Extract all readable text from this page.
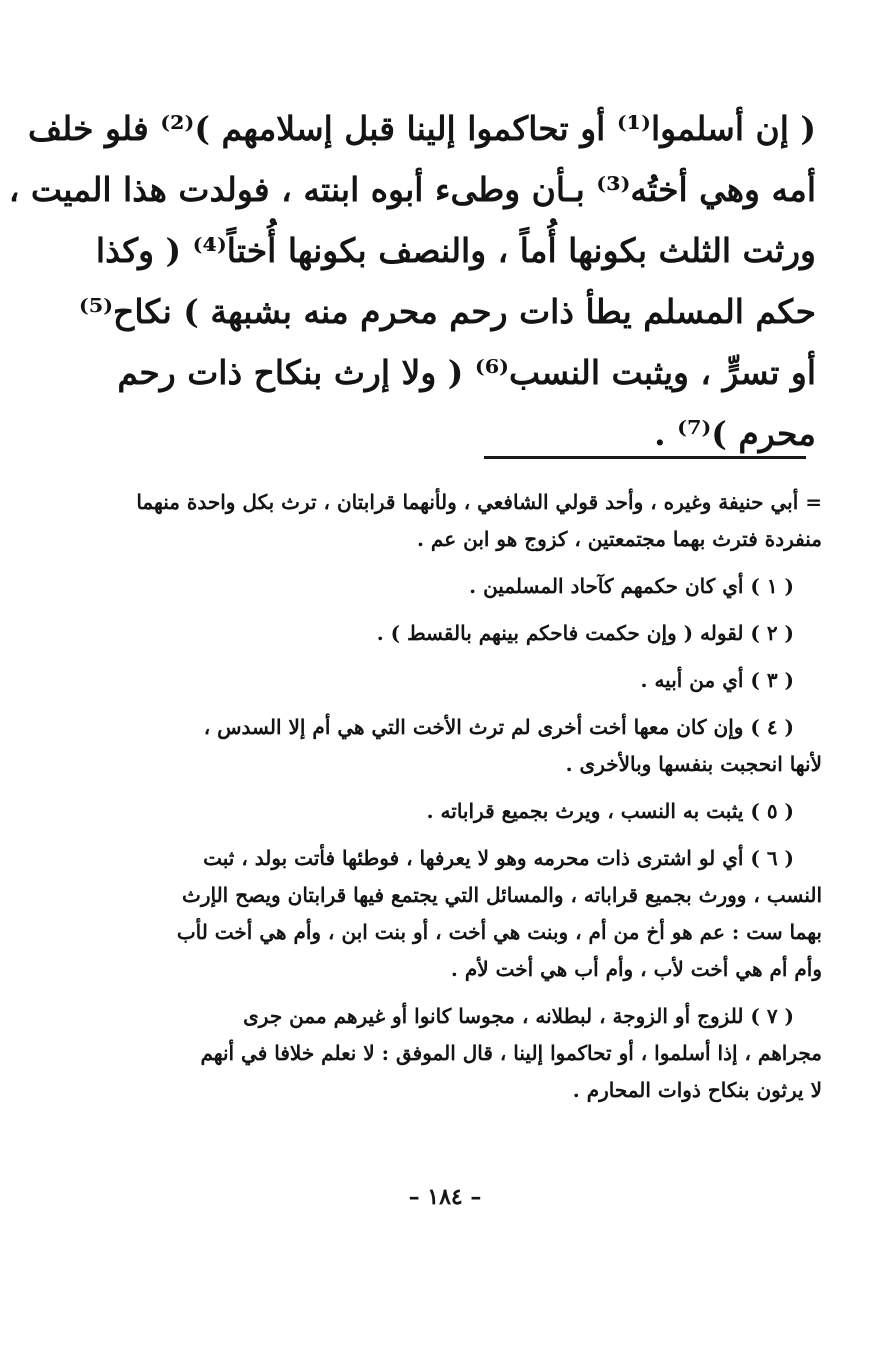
( إن أسلموا⁽¹⁾ أو تحاكموا إلينا قبل إسلامهم )⁽²⁾ فلو خلف
أمه وهي أختُه⁽³⁾ بـأن وطىء أبوه ابنته ، فولدت هذا الميت ،
ورثت الثلث بكونها أُماً ، والنصف بكونها أُختاً⁽⁴⁾ ( وكذا
حكم المسلم يطأ ذات رحم محرم منه بشبهة ) نكاح⁽⁵⁾
أو تسرٍّ ، ويثبت النسب⁽⁶⁾ ( ولا إرث بنكاح ذات رحم
محرم )⁽⁷⁾ .
= أبي حنيفة وغيره ، وأحد قولي الشافعي ، ولأنهما قرابتان ، ترث بكل واحدة منهما
منفردة فترث بهما مجتمعتين ، كزوج هو ابن عم .
( ١ ) أي كان حكمهم كآحاد المسلمين .
( ٢ ) لقوله ( وإن حكمت فاحكم بينهم بالقسط ) .
( ٣ ) أي من أبيه .
( ٤ ) وإن كان معها أخت أخرى لم ترث الأخت التي هي أم إلا السدس ،
لأنها انحجبت بنفسها وبالأخرى .
( ٥ ) يثبت به النسب ، ويرث بجميع قراباته .
( ٦ ) أي لو اشترى ذات محرمه وهو لا يعرفها ، فوطئها فأتت بولد ، ثبت
النسب ، وورث بجميع قراباته ، والمسائل التي يجتمع فيها قرابتان ويصح الإرث
بهما ست : عم هو أخ من أم ، وبنت هي أخت ، أو بنت ابن ، وأم هي أخت لأب
وأم أم هي أخت لأب ، وأم أب هي أخت لأم .
( ٧ ) للزوج أو الزوجة ، لبطلانه ، مجوسا كانوا أو غيرهم ممن جرى
مجراهم ، إذا أسلموا ، أو تحاكموا إلينا ، قال الموفق : لا نعلم خلافا في أنهم
لا يرثون بنكاح ذوات المحارم .
– ١٨٤ –
